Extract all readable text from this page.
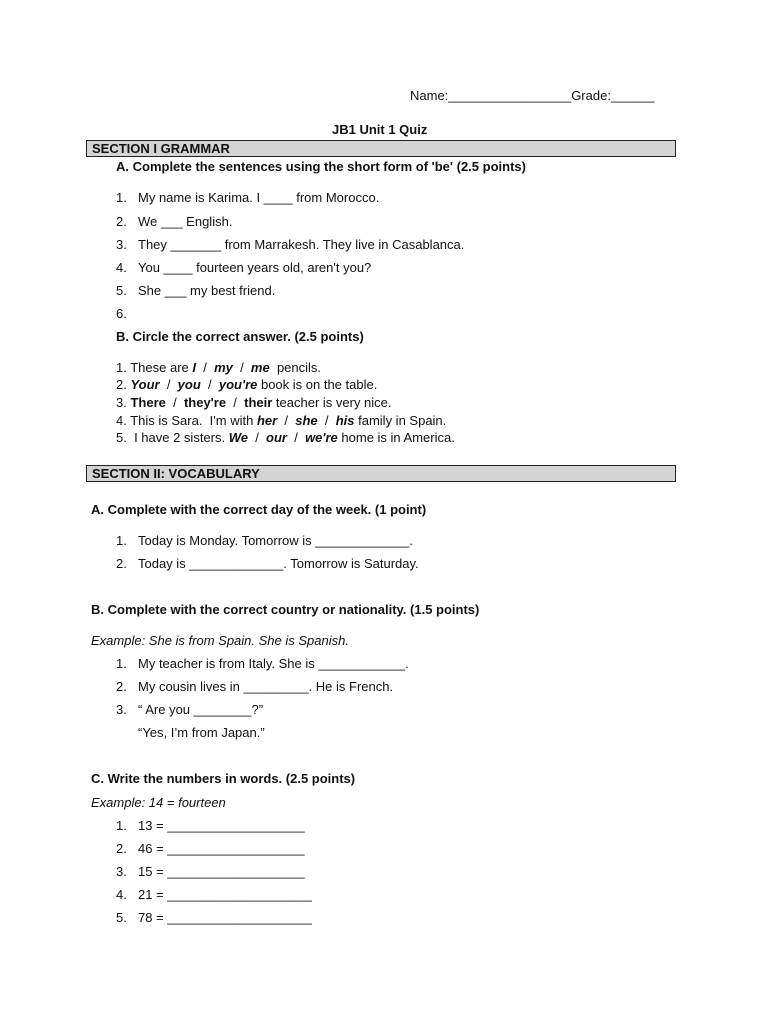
Name:_________________Grade:______
JB1 Unit 1 Quiz
SECTION I GRAMMAR
A. Complete the sentences using the short form of 'be' (2.5 points)
1. My name is Karima. I ____ from Morocco.
2. We ___ English.
3. They _______ from Marrakesh. They live in Casablanca.
4. You ____ fourteen years old, aren't you?
5. She ___ my best friend.
6.
B. Circle the correct answer. (2.5 points)
1. These are I  /  my  /  me  pencils.
2. Your  /  you  /  you're book is on the table.
3. There  /  they're  /  their teacher is very nice.
4. This is Sara.  I'm with her  /  she  /  his family in Spain.
5.  I have 2 sisters. We  /  our  /  we're home is in America.
SECTION II: VOCABULARY
A. Complete with the correct day of the week. (1 point)
1. Today is Monday. Tomorrow is _____________.
2. Today is _____________. Tomorrow is Saturday.
B. Complete with the correct country or nationality. (1.5 points)
Example: She is from Spain. She is Spanish.
1. My teacher is from Italy. She is ____________.
2. My cousin lives in _________. He is French.
3. “ Are you ________?”
“Yes, I’m from Japan.”
C. Write the numbers in words. (2.5 points)
Example: 14 = fourteen
1. 13 = ___________________
2. 46 = ___________________
3. 15 = ___________________
4. 21 = ____________________
5. 78 = ____________________
